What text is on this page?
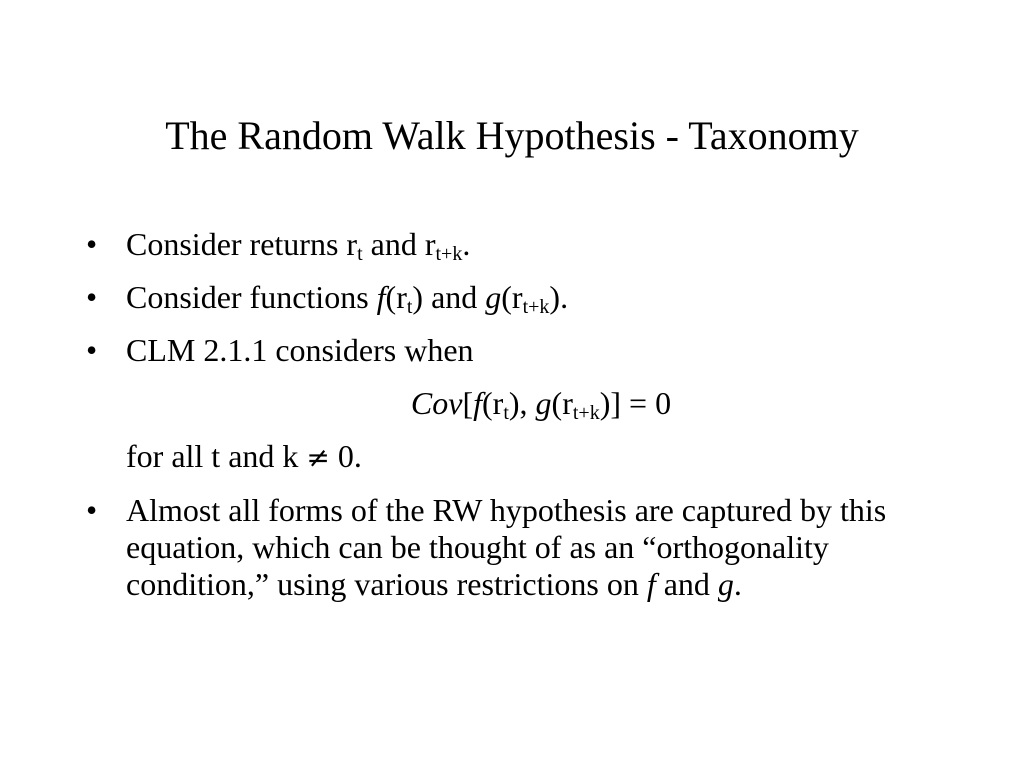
The Random Walk Hypothesis - Taxonomy
• Consider returns $r_t$ and $r_{t+k}$.
• Consider functions $f(r_t)$ and $g(r_{t+k})$.
• CLM 2.1.1 considers when
$Cov[f(r_t)$, $g(r_{t+k})] = 0$
for all t and k ≠ 0.
• Almost all forms of the RW hypothesis are captured by this equation, which can be thought of as an “orthogonality condition,” using various restrictions on f and g.
